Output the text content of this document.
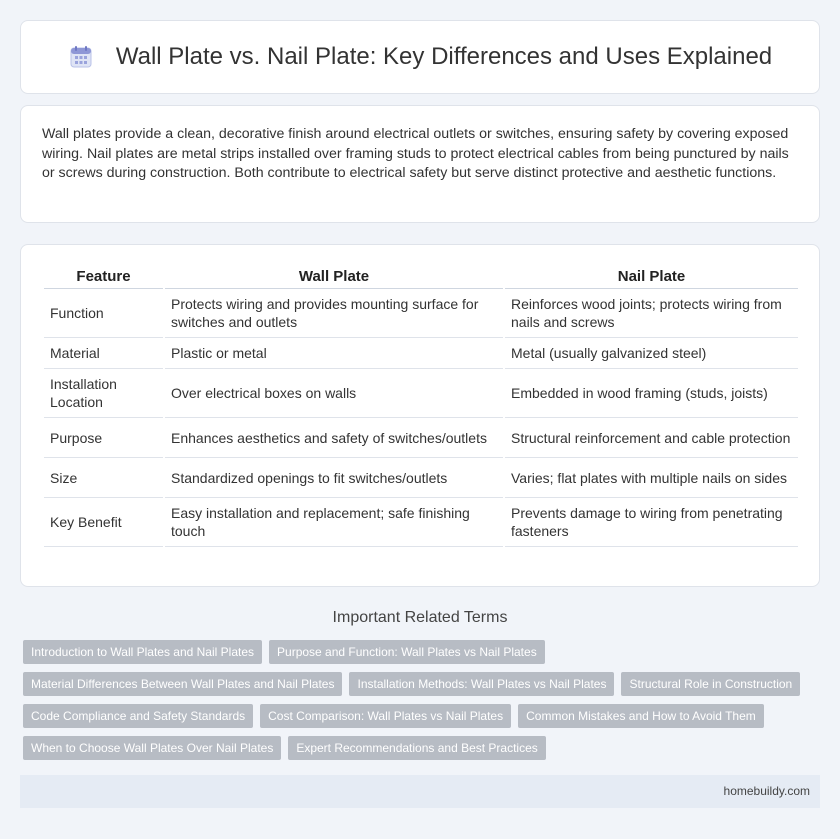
Wall Plate vs. Nail Plate: Key Differences and Uses Explained

Wall plates provide a clean, decorative finish around electrical outlets or switches, ensuring safety by covering exposed wiring. Nail plates are metal strips installed over framing studs to protect electrical cables from being punctured by nails or screws during construction. Both contribute to electrical safety but serve distinct protective and aesthetic functions.

Feature	Wall Plate	Nail Plate
Function	Protects wiring and provides mounting surface for switches and outlets	Reinforces wood joints; protects wiring from nails and screws
Material	Plastic or metal	Metal (usually galvanized steel)
Installation Location	Over electrical boxes on walls	Embedded in wood framing (studs, joists)
Purpose	Enhances aesthetics and safety of switches/outlets	Structural reinforcement and cable protection
Size	Standardized openings to fit switches/outlets	Varies; flat plates with multiple nails on sides
Key Benefit	Easy installation and replacement; safe finishing touch	Prevents damage to wiring from penetrating fasteners
Important Related Terms
Introduction to Wall Plates and Nail Plates	Purpose and Function: Wall Plates vs Nail Plates
Material Differences Between Wall Plates and Nail Plates	Installation Methods: Wall Plates vs Nail Plates	Structural Role in Construction
Code Compliance and Safety Standards	Cost Comparison: Wall Plates vs Nail Plates	Common Mistakes and How to Avoid Them
When to Choose Wall Plates Over Nail Plates	Expert Recommendations and Best Practices
homebuildy.com
